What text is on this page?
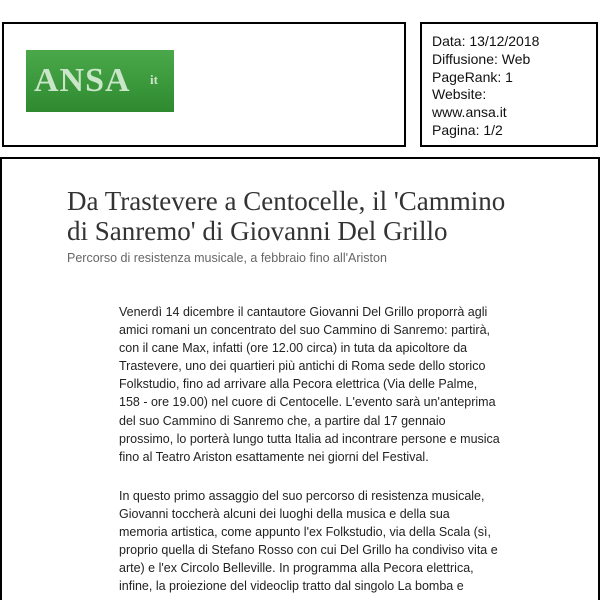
ANSA it
Data: 13/12/2018
Diffusione: Web
PageRank: 1
Website:
www.ansa.it
Pagina: 1/2
Da Trastevere a Centocelle, il 'Cammino
di Sanremo' di Giovanni Del Grillo
Percorso di resistenza musicale, a febbraio fino all'Ariston
Venerdì 14 dicembre il cantautore Giovanni Del Grillo proporrà agli
amici romani un concentrato del suo Cammino di Sanremo: partirà,
con il cane Max, infatti (ore 12.00 circa) in tuta da apicoltore da
Trastevere, uno dei quartieri più antichi di Roma sede dello storico
Folkstudio, fino ad arrivare alla Pecora elettrica (Via delle Palme,
158 - ore 19.00) nel cuore di Centocelle. L'evento sarà un'anteprima
del suo Cammino di Sanremo che, a partire dal 17 gennaio
prossimo, lo porterà lungo tutta Italia ad incontrare persone e musica
fino al Teatro Ariston esattamente nei giorni del Festival.
In questo primo assaggio del suo percorso di resistenza musicale,
Giovanni toccherà alcuni dei luoghi della musica e della sua
memoria artistica, come appunto l'ex Folkstudio, via della Scala (sì,
proprio quella di Stefano Rosso con cui Del Grillo ha condiviso vita e
arte) e l'ex Circolo Belleville. In programma alla Pecora elettrica,
infine, la proiezione del videoclip tratto dal singolo La bomba e
